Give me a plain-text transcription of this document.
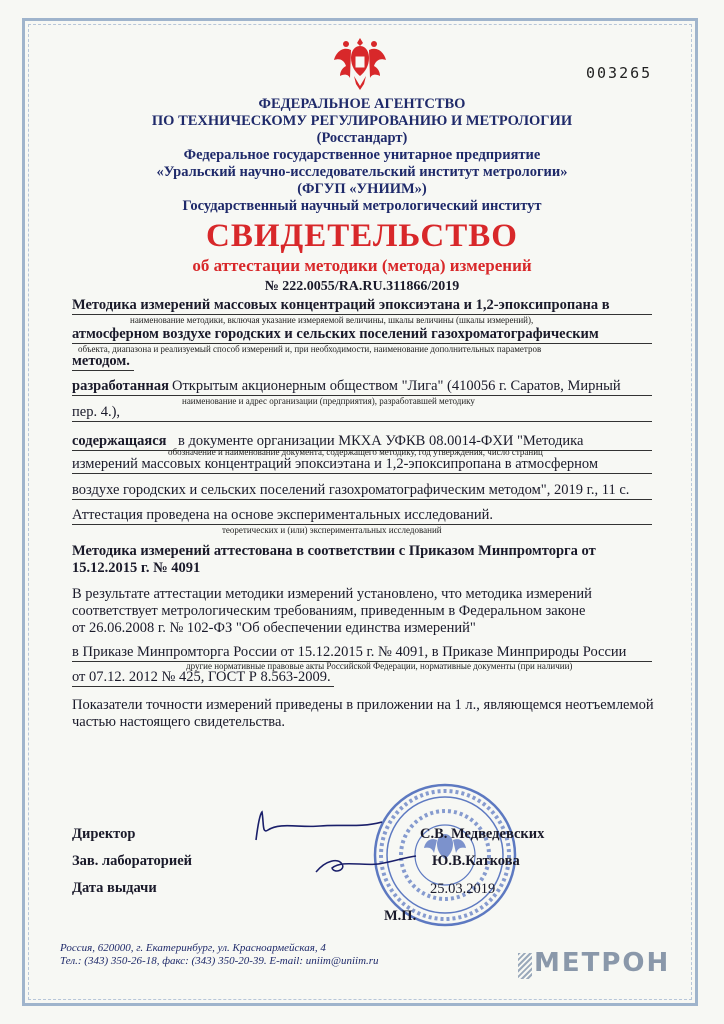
003265
ФЕДЕРАЛЬНОЕ АГЕНТСТВО
ПО ТЕХНИЧЕСКОМУ РЕГУЛИРОВАНИЮ И МЕТРОЛОГИИ
(Росстандарт)
Федеральное государственное унитарное предприятие
«Уральский научно-исследовательский институт метрологии»
(ФГУП «УНИИМ»)
Государственный научный метрологический институт
СВИДЕТЕЛЬСТВО
об аттестации методики (метода) измерений
№ 222.0055/RA.RU.311866/2019
Методика измерений массовых концентраций эпоксиэтана и 1,2-эпоксипропана в
наименование методики, включая указание измеряемой величины, шкалы величины (шкалы измерений),
атмосферном воздухе городских и сельских поселений газохроматографическим
объекта, диапазона и реализуемый способ измерений и, при необходимости, наименование дополнительных параметров
методом.
разработанная Открытым акционерным обществом "Лига" (410056 г. Саратов, Мирный
наименование и адрес организации (предприятия), разработавшей методику
пер. 4.),
содержащаяся в документе организации МКХА УФКВ 08.0014-ФХИ "Методика
обозначение и наименование документа, содержащего методику, год утверждения, число страниц
измерений массовых концентраций эпоксиэтана и 1,2-эпоксипропана в атмосферном
воздухе городских и сельских поселений газохроматографическим методом", 2019 г., 11 с.
Аттестация проведена на основе экспериментальных исследований.
теоретических и (или) экспериментальных исследований
Методика измерений аттестована в соответствии с Приказом Минпромторга от
15.12.2015 г. № 4091
В результате аттестации методики измерений установлено, что методика измерений
соответствует метрологическим требованиям, приведенным в Федеральном законе
от 26.06.2008 г. № 102-ФЗ "Об обеспечении единства измерений"
в Приказе Минпромторга России от 15.12.2015 г. № 4091, в Приказе Минприроды России
другие нормативные правовые акты Российской Федерации, нормативные документы (при наличии)
от 07.12. 2012 № 425, ГОСТ Р 8.563-2009.
Показатели точности измерений приведены в приложении на 1 л., являющемся неотъемлемой
частью настоящего свидетельства.
Директор	С.В. Медведевских
Зав. лабораторией	Ю.В.Каткова
Дата выдачи	25.03.2019
М.П.
Россия, 620000, г. Екатеринбург, ул. Красноармейская, 4
Тел.: (343) 350-26-18, факс: (343) 350-20-39. E-mail: uniim@uniim.ru	МЕТРОН
